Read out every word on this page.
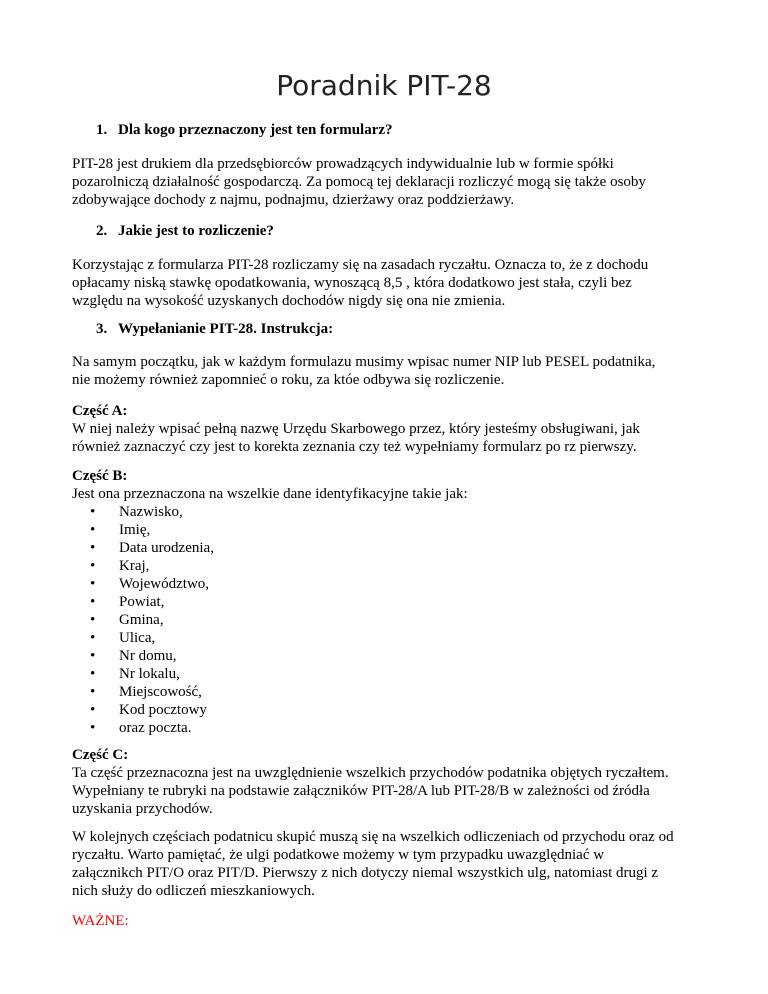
Poradnik PIT-28
1. Dla kogo przeznaczony jest ten formularz?
PIT-28 jest drukiem dla przedsębiorców prowadzących indywidualnie lub w formie spółki
pozarolniczą działalność gospodarczą. Za pomocą tej deklaracji rozliczyć mogą się także osoby
zdobywające dochody z najmu, podnajmu, dzierżawy oraz poddzierżawy.
2. Jakie jest to rozliczenie?
Korzystając z formularza PIT-28 rozliczamy się na zasadach ryczałtu. Oznacza to, że z dochodu
opłacamy niską stawkę opodatkowania, wynoszącą 8,5 , która dodatkowo jest stała, czyli bez
względu na wysokość uzyskanych dochodów nigdy się ona nie zmienia.
3. Wypełanianie PIT-28. Instrukcja:
Na samym początku, jak w każdym formulazu musimy wpisac numer NIP lub PESEL podatnika,
nie możemy również zapomnieć o roku, za któe odbywa się rozliczenie.
Część A:
W niej należy wpisać pełną nazwę Urzędu Skarbowego przez, który jesteśmy obsługiwani, jak
również zaznaczyć czy jest to korekta zeznania czy też wypełniamy formularz po rz pierwszy.
Część B:
Jest ona przeznaczona na wszelkie dane identyfikacyjne takie jak:
• Nazwisko,
• Imię,
• Data urodzenia,
• Kraj,
• Województwo,
• Powiat,
• Gmina,
• Ulica,
• Nr domu,
• Nr lokalu,
• Miejscowość,
• Kod pocztowy
• oraz poczta.
Część C:
Ta część przeznacozna jest na uwzględnienie wszelkich przychodów podatnika objętych ryczałtem.
Wypełniany te rubryki na podstawie załączników PIT-28/A lub PIT-28/B w zależności od źródła
uzyskania przychodów.
W kolejnych częściach podatnicu skupić muszą się na wszelkich odliczeniach od przychodu oraz od
ryczałtu. Warto pamiętać, że ulgi podatkowe możemy w tym przypadku uwazględniać w
załącznikch PIT/O oraz PIT/D. Pierwszy z nich dotyczy niemal wszystkich ulg, natomiast drugi z
nich służy do odliczeń mieszkaniowych.
WAŻNE:
